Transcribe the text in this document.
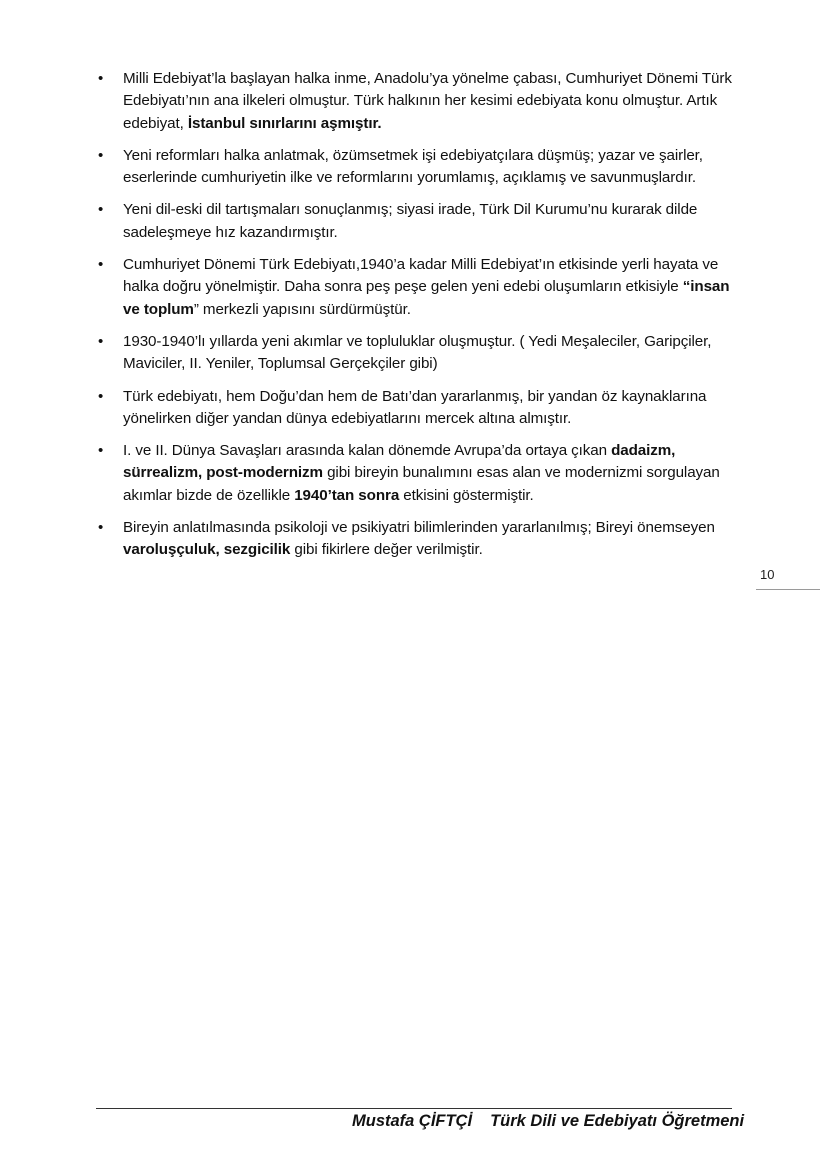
• Milli Edebiyat’la başlayan halka inme, Anadolu’ya yönelme çabası, Cumhuriyet Dönemi Türk Edebiyatı’nın ana ilkeleri olmuştur. Türk halkının her kesimi edebiyata konu olmuştur. Artık edebiyat, İstanbul sınırlarını aşmıştır.
• Yeni reformları halka anlatmak, özümsetmek işi edebiyatçılara düşmüş; yazar ve şairler, eserlerinde cumhuriyetin ilke ve reformlarını yorumlamış, açıklamış ve savunmuşlardır.
• Yeni dil-eski dil tartışmaları sonuçlanmış; siyasi irade, Türk Dil Kurumu’nu kurarak dilde sadeleşmeye hız kazandırmıştır.
• Cumhuriyet Dönemi Türk Edebiyatı,1940’a kadar Milli Edebiyat’ın etkisinde yerli hayata ve halka doğru yönelmiştir. Daha sonra peş peşe gelen yeni edebi oluşumların etkisiyle “insan ve toplum” merkezli yapısını sürdürmüştür.
• 1930-1940’lı yıllarda yeni akımlar ve topluluklar oluşmuştur. ( Yedi Meşaleciler, Garipçiler, Maviciler, II. Yeniler, Toplumsal Gerçekçiler gibi)
• Türk edebiyatı, hem Doğu’dan hem de Batı’dan yararlanmış, bir yandan öz kaynaklarına yönelirken diğer yandan dünya edebiyatlarını mercek altına almıştır.
• I. ve II. Dünya Savaşları arasında kalan dönemde Avrupa’da ortaya çıkan dadaizm, sürrealizm, post-modernizm gibi bireyin bunalımını esas alan ve modernizmi sorgulayan akımlar bizde de özellikle 1940’tan sonra etkisini göstermiştir.
• Bireyin anlatılmasında psikoloji ve psikiyatri bilimlerinden yararlanılmış; Bireyi önemseyen varoluşçuluk, sezgicilik gibi fikirlere değer verilmiştir.
10
Mustafa ÇİFTÇİ Türk Dili ve Edebiyatı Öğretmeni
